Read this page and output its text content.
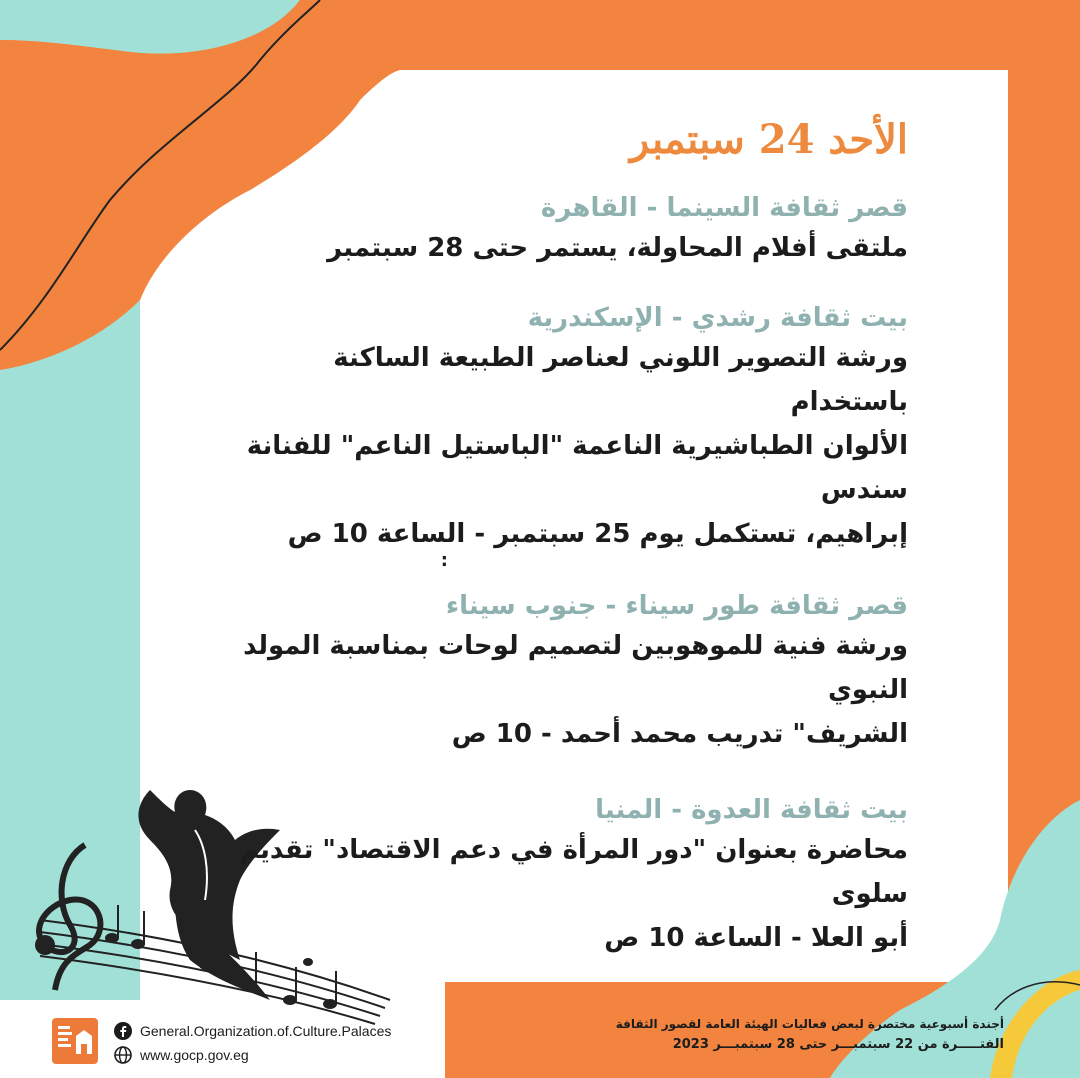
الأحد 24 سبتمبر
قصر ثقافة السينما - القاهرة
ملتقى أفلام المحاولة، يستمر حتى 28 سبتمبر
بيت ثقافة رشدي - الإسكندرية
ورشة التصوير اللوني لعناصر الطبيعة الساكنة باستخدام
الألوان الطباشيرية الناعمة "الباستيل الناعم" للفنانة سندس
إبراهيم، تستكمل يوم 25 سبتمبر - الساعة 10 ص
:
قصر ثقافة طور سيناء - جنوب سيناء
ورشة فنية للموهوبين لتصميم لوحات بمناسبة المولد النبوي
الشريف" تدريب محمد أحمد - 10 ص
بيت ثقافة العدوة - المنيا
محاضرة بعنوان "دور المرأة في دعم الاقتصاد" تقديم سلوى
أبو العلا - الساعة 10 ص
General.Organization.of.Culture.Palaces
www.gocp.gov.eg
أجندة أسبوعية مختصرة لبعض فعاليات الهيئة العامة لقصور الثقافة
الفتـــــرة من 22 سبتمبـــر حتى 28 سبتمبـــر 2023
